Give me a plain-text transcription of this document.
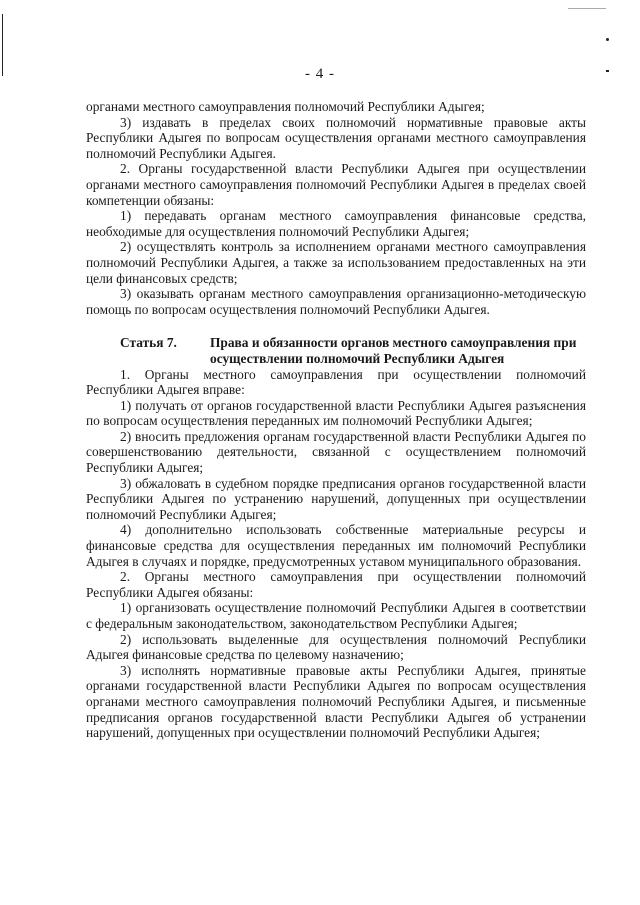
- 4 -

органами местного самоуправления полномочий Республики Адыгея;

3) издавать в пределах своих полномочий нормативные правовые акты Республики Адыгея по вопросам осуществления органами местного самоуправления полномочий Республики Адыгея.

2. Органы государственной власти Республики Адыгея при осуществлении органами местного самоуправления полномочий Республики Адыгея в пределах своей компетенции обязаны:

1) передавать органам местного самоуправления финансовые средства, необходимые для осуществления полномочий Республики Адыгея;

2) осуществлять контроль за исполнением органами местного самоуправления полномочий Республики Адыгея, а также за использованием предоставленных на эти цели финансовых средств;

3) оказывать органам местного самоуправления организационно-методическую помощь по вопросам осуществления полномочий Республики Адыгея.

Статья 7.	Права и обязанности органов местного самоуправления при осуществлении полномочий Республики Адыгея

1. Органы местного самоуправления при осуществлении полномочий Республики Адыгея вправе:

1) получать от органов государственной власти Республики Адыгея разъяснения по вопросам осуществления переданных им полномочий Республики Адыгея;

2) вносить предложения органам государственной власти Республики Адыгея по совершенствованию деятельности, связанной с осуществлением полномочий Республики Адыгея;

3) обжаловать в судебном порядке предписания органов государственной власти Республики Адыгея по устранению нарушений, допущенных при осуществлении полномочий Республики Адыгея;

4) дополнительно использовать собственные материальные ресурсы и финансовые средства для осуществления переданных им полномочий Республики Адыгея в случаях и порядке, предусмотренных уставом муниципального образования.

2. Органы местного самоуправления при осуществлении полномочий Республики Адыгея обязаны:

1) организовать осуществление полномочий Республики Адыгея в соответствии с федеральным законодательством, законодательством Республики Адыгея;

2) использовать выделенные для осуществления полномочий Республики Адыгея финансовые средства по целевому назначению;

3) исполнять нормативные правовые акты Республики Адыгея, принятые органами государственной власти Республики Адыгея по вопросам осуществления органами местного самоуправления полномочий Республики Адыгея, и письменные предписания органов государственной власти Республики Адыгея об устранении нарушений, допущенных при осуществлении полномочий Республики Адыгея;
